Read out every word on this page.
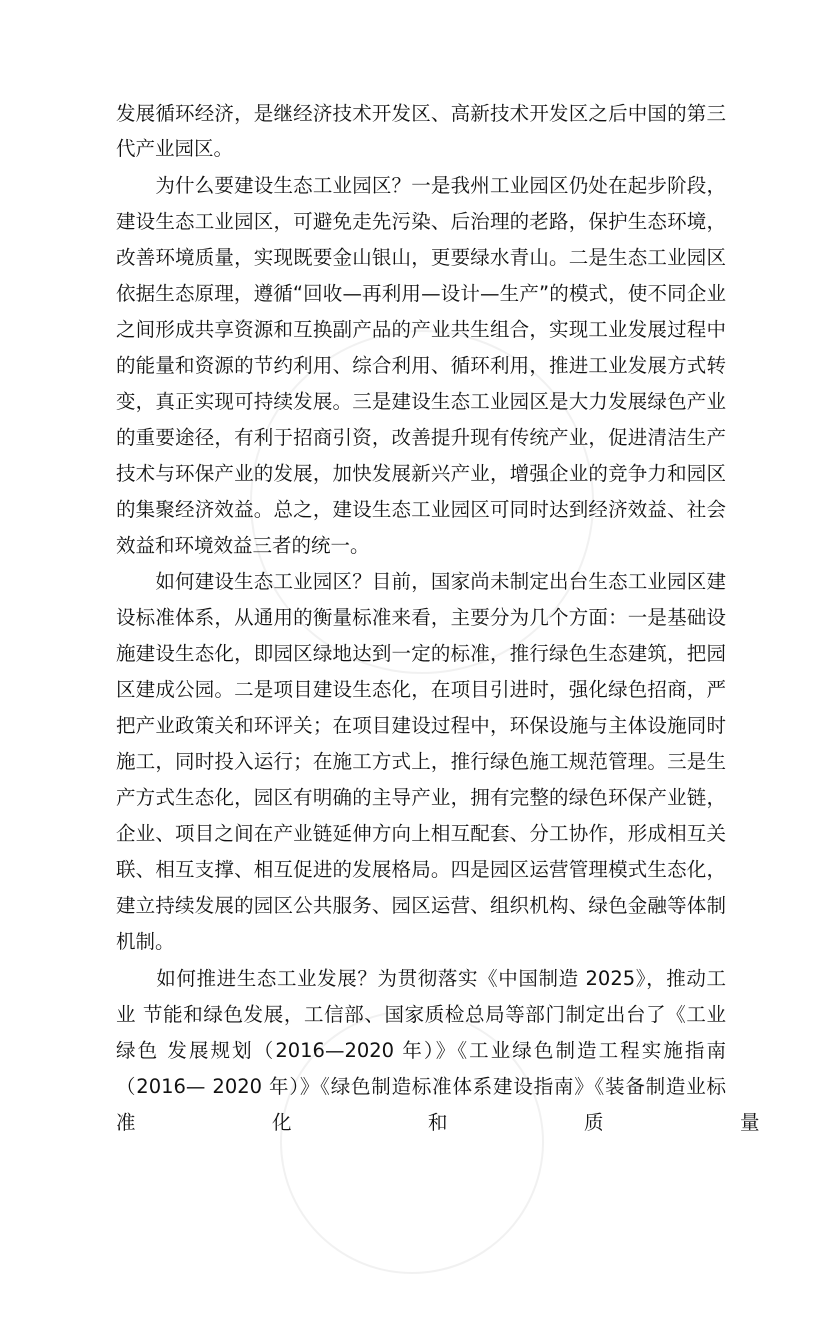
发展循环经济，是继经济技术开发区、高新技术开发区之后中国的第三
代产业园区。
　　为什么要建设生态工业园区？一是我州工业园区仍处在起步阶段，
建设生态工业园区，可避免走先污染、后治理的老路，保护生态环境，
改善环境质量，实现既要金山银山，更要绿水青山。二是生态工业园区
依据生态原理，遵循“回收—再利用—设计—生产”的模式，使不同企业
之间形成共享资源和互换副产品的产业共生组合，实现工业发展过程中
的能量和资源的节约利用、综合利用、循环利用，推进工业发展方式转
变，真正实现可持续发展。三是建设生态工业园区是大力发展绿色产业
的重要途径，有利于招商引资，改善提升现有传统产业，促进清洁生产
技术与环保产业的发展，加快发展新兴产业，增强企业的竞争力和园区
的集聚经济效益。总之，建设生态工业园区可同时达到经济效益、社会
效益和环境效益三者的统一。
　　如何建设生态工业园区？目前，国家尚未制定出台生态工业园区建
设标准体系，从通用的衡量标准来看，主要分为几个方面：一是基础设
施建设生态化，即园区绿地达到一定的标准，推行绿色生态建筑，把园
区建成公园。二是项目建设生态化，在项目引进时，强化绿色招商，严
把产业政策关和环评关；在项目建设过程中，环保设施与主体设施同时
施工，同时投入运行；在施工方式上，推行绿色施工规范管理。三是生
产方式生态化，园区有明确的主导产业，拥有完整的绿色环保产业链，
企业、项目之间在产业链延伸方向上相互配套、分工协作，形成相互关
联、相互支撑、相互促进的发展格局。四是园区运营管理模式生态化，
建立持续发展的园区公共服务、园区运营、组织机构、绿色金融等体制
机制。
　　如何推进生态工业发展？为贯彻落实《中国制造 2025》，推动工
业 节能和绿色发展，工信部、国家质检总局等部门制定出台了《工业
绿色 发展规划（2016—2020 年）》《工业绿色制造工程实施指南
（2016— 2020 年）》《绿色制造标准体系建设指南》《装备制造业标
准　　　　　　　化　　　　　　　和　　　　　　　质　　　　　　　量
